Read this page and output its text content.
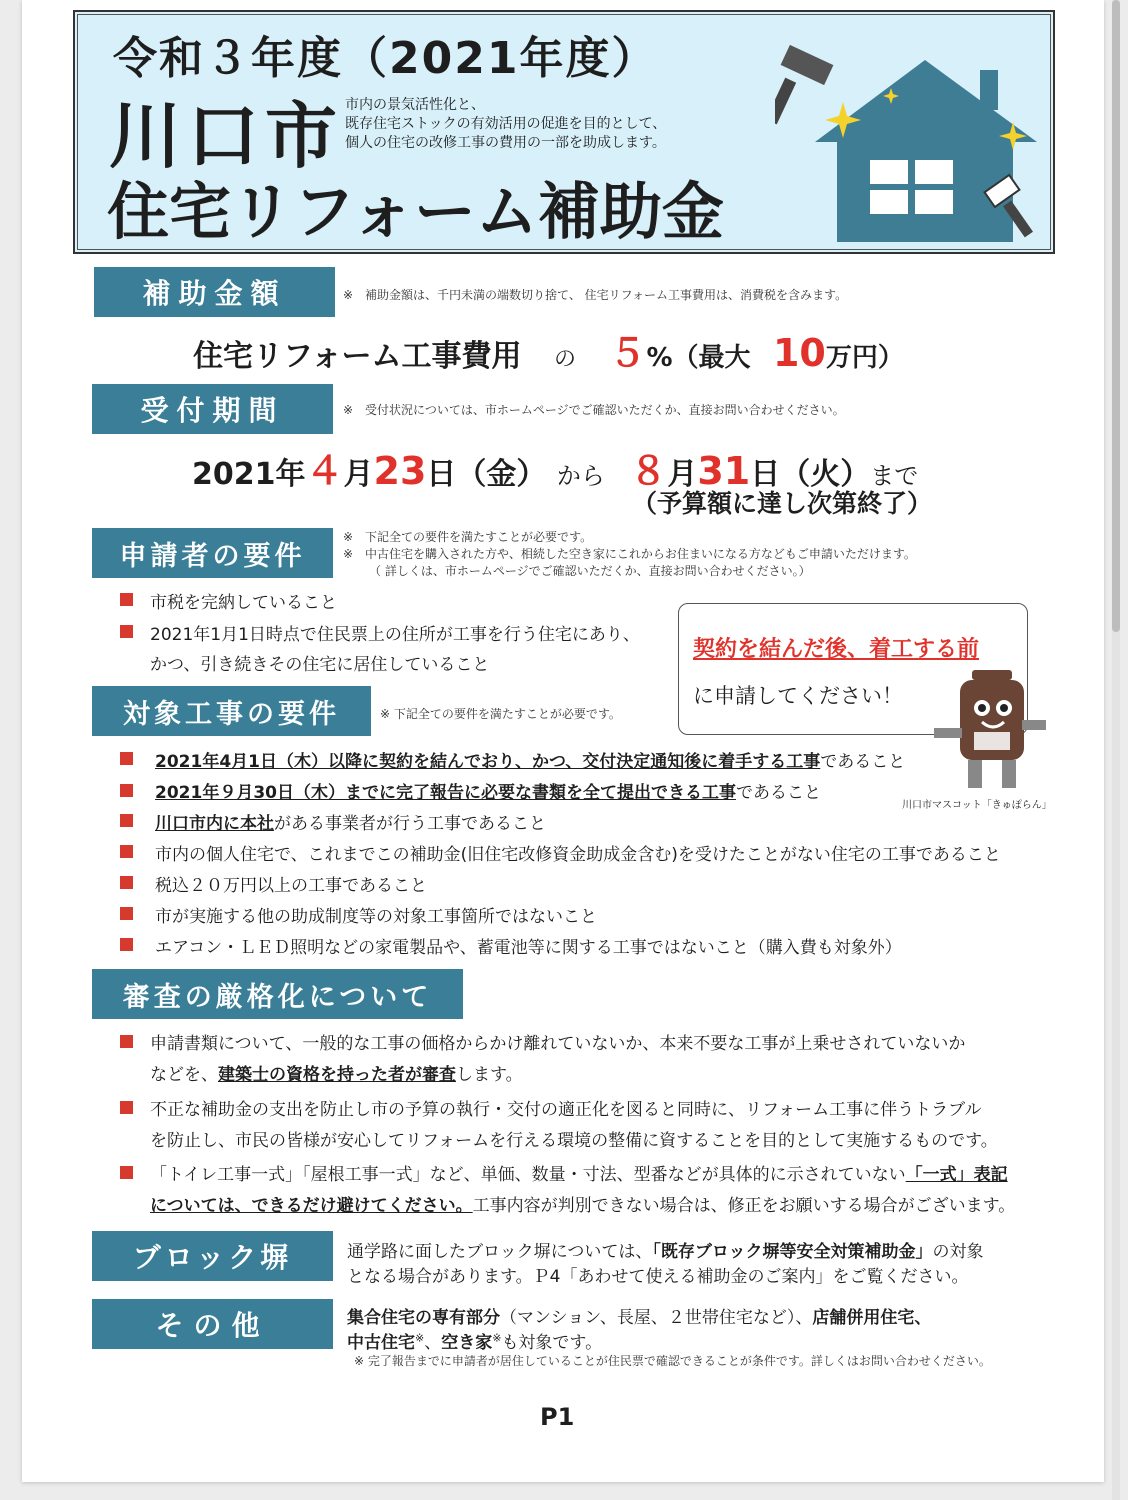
令和３年度（2021年度）
川口市 市内の景気活性化と、
既存住宅ストックの有効活用の促進を目的として、
個人の住宅の改修工事の費用の一部を助成します。
住宅リフォーム補助金
補助金額	※　補助金額は、千円未満の端数切り捨て、 住宅リフォーム工事費用は、消費税を含みます。
住宅リフォーム工事費用 の ５%（最大 10万円）
受付期間	※　受付状況については、市ホームページでご確認いただくか、直接お問い合わせください。
2021年４月23日（金） から ８月31日（火）まで
（予算額に達し次第終了）
申請者の要件
※　下記全ての要件を満たすことが必要です。
※　中古住宅を購入された方や、相続した空き家にこれからお住まいになる方などもご申請いただけます。
（ 詳しくは、市ホームページでご確認いただくか、直接お問い合わせください。）
市税を完納していること
2021年1月1日時点で住民票上の住所が工事を行う住宅にあり、
かつ、引き続きその住宅に居住していること
契約を結んだ後、着工する前
に申請してください！
川口市マスコット「きゅぽらん」
対象工事の要件	※ 下記全ての要件を満たすことが必要です。
2021年4月1日（木）以降に契約を結んでおり、かつ、交付決定通知後に着手する工事であること
2021年９月30日（木）までに完了報告に必要な書類を全て提出できる工事であること
川口市内に本社がある事業者が行う工事であること
市内の個人住宅で、これまでこの補助金(旧住宅改修資金助成金含む)を受けたことがない住宅の工事であること
税込２０万円以上の工事であること
市が実施する他の助成制度等の対象工事箇所ではないこと
エアコン・ＬＥＤ照明などの家電製品や、蓄電池等に関する工事ではないこと（購入費も対象外）
審査の厳格化について
申請書類について、一般的な工事の価格からかけ離れていないか、本来不要な工事が上乗せされていないか
などを、建築士の資格を持った者が審査します。
不正な補助金の支出を防止し市の予算の執行・交付の適正化を図ると同時に、リフォーム工事に伴うトラブル
を防止し、市民の皆様が安心してリフォームを行える環境の整備に資することを目的として実施するものです。
「トイレ工事一式」「屋根工事一式」など、単価、数量・寸法、型番などが具体的に示されていない「一式」表記
については、できるだけ避けてください。工事内容が判別できない場合は、修正をお願いする場合がございます。
ブロック塀	通学路に面したブロック塀については、「既存ブロック塀等安全対策補助金」の対象
となる場合があります。Ｐ4「あわせて使える補助金のご案内」をご覧ください。
その他	集合住宅の専有部分（マンション、長屋、２世帯住宅など）、店舗併用住宅、
中古住宅※、空き家※も対象です。
※ 完了報告までに申請者が居住していることが住民票で確認できることが条件です。詳しくはお問い合わせください。
P1
